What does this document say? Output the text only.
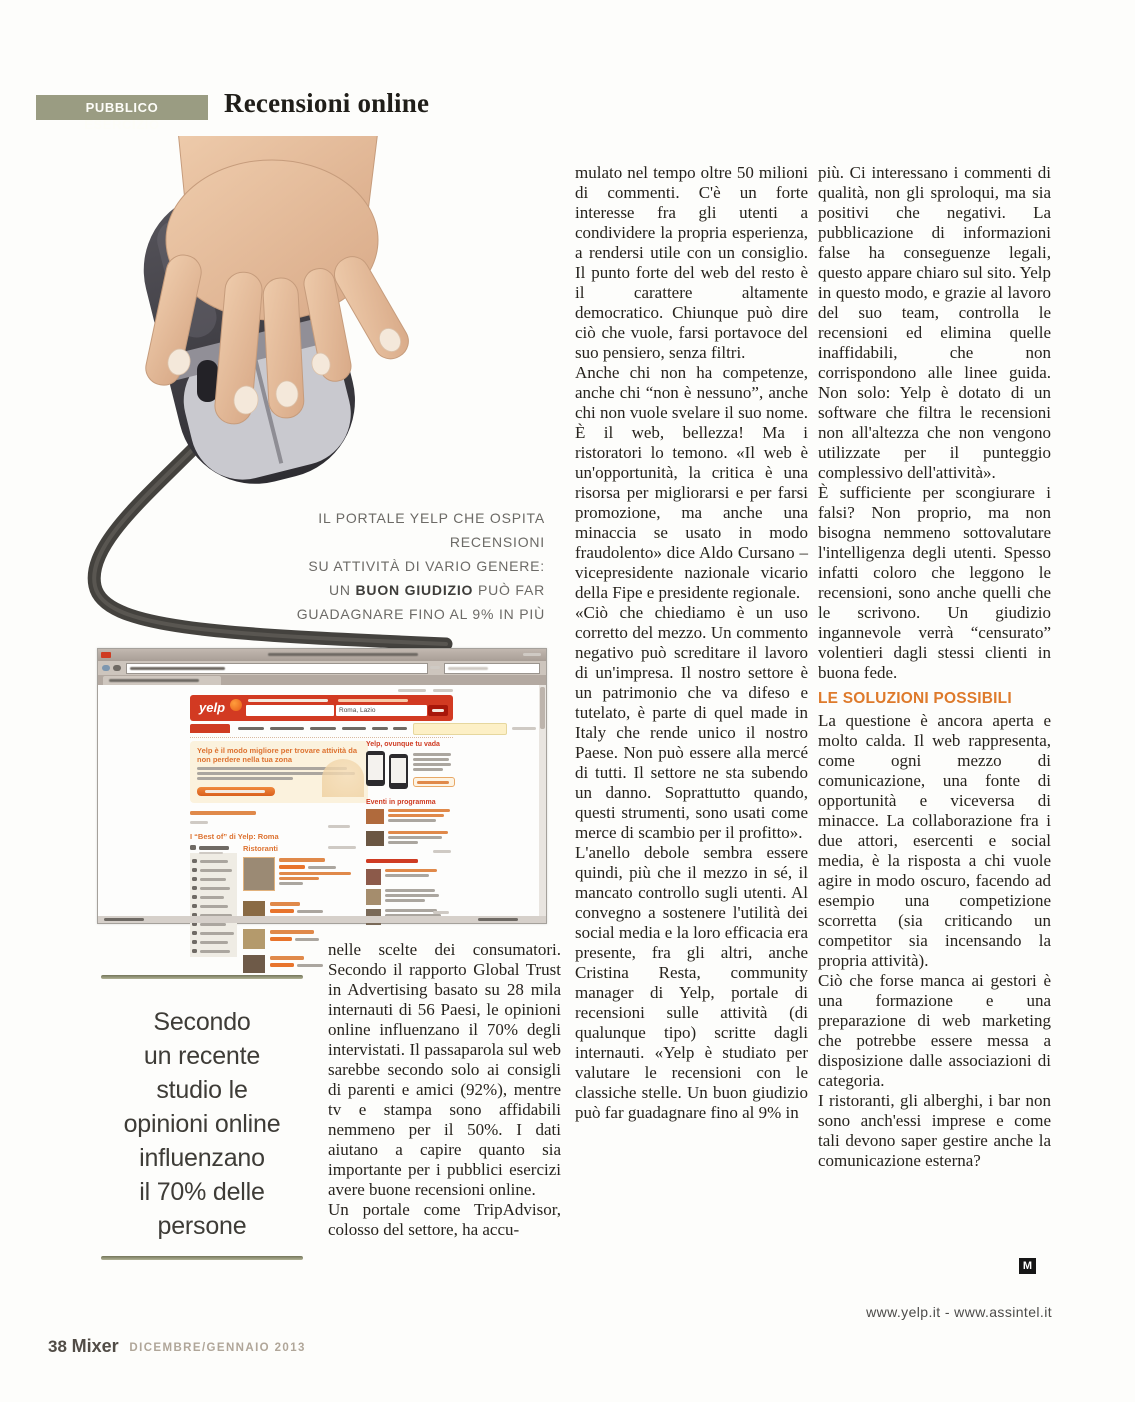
PUBBLICO ESERCIZIO
Recensioni online
IL PORTALE YELP CHE OSPITA RECENSIONI
SU ATTIVITÀ DI VARIO GENERE:
UN BUON GIUDIZIO PUÒ FAR
GUADAGNARE FINO AL 9% IN PIÙ
yelp	Roma, Lazio
Yelp è il modo migliore per trovare attività da non perdere nella tua zona
Yelp, ovunque tu vada
Eventi in programma
I “Best of” di Yelp: Roma
Ristoranti
Secondo
un recente
studio le
opinioni online
influenzano
il 70% delle
persone

nelle scelte dei consumatori. Secondo il rapporto Global Trust in Advertising basato su 28 mila internauti di 56 Paesi, le opinioni online influenzano il 70% degli intervistati. Il passaparola sul web sarebbe secondo solo ai consigli di parenti e amici (92%), mentre tv e stampa sono affidabili nemmeno per il 50%. I dati aiutano a capire quanto sia importante per i pubblici esercizi avere buone recensioni online.

Un portale come TripAdvisor, colosso del settore, ha accu-

mulato nel tempo oltre 50 milioni di commenti. C'è un forte interesse fra gli utenti a condividere la propria esperienza, a rendersi utile con un consiglio. Il punto forte del web del resto è il carattere altamente democratico. Chiunque può dire ciò che vuole, farsi portavoce del suo pensiero, senza filtri.

Anche chi non ha competenze, anche chi “non è nessuno”, anche chi non vuole svelare il suo nome. È il web, bellezza! Ma i ristoratori lo temono. «Il web è un'opportunità, la critica è una risorsa per migliorarsi e per farsi promozione, ma anche una minaccia se usato in modo fraudolento» dice Aldo Cursano – vicepresidente nazionale vicario della Fipe e presidente regionale.

«Ciò che chiediamo è un uso corretto del mezzo. Un commento negativo può screditare il lavoro di un'impresa. Il nostro settore è un patrimonio che va difeso e tutelato, è parte di quel made in Italy che rende unico il nostro Paese. Non può essere alla mercé di tutti. Il settore ne sta subendo un danno. Soprattutto quando, questi strumenti, sono usati come merce di scambio per il profitto».

L'anello debole sembra essere quindi, più che il mezzo in sé, il mancato controllo sugli utenti. Al convegno a sostenere l'utilità dei social media e la loro efficacia era presente, fra gli altri, anche Cristina Resta, community manager di Yelp, portale di recensioni sulle attività (di qualunque tipo) scritte dagli internauti. «Yelp è studiato per valutare le recensioni con le classiche stelle. Un buon giudizio può far guadagnare fino al 9% in

più. Ci interessano i commenti di qualità, non gli sproloqui, ma sia positivi che negativi. La pubblicazione di informazioni false ha conseguenze legali, questo appare chiaro sul sito. Yelp in questo modo, e grazie al lavoro del suo team, controlla le recensioni ed elimina quelle inaffidabili, che non corrispondono alle linee guida. Non solo: Yelp è dotato di un software che filtra le recensioni non all'altezza che non vengono utilizzate per il punteggio complessivo dell'attività».

È sufficiente per scongiurare i falsi? Non proprio, ma non bisogna nemmeno sottovalutare l'intelligenza degli utenti. Spesso infatti coloro che leggono le recensioni, sono anche quelli che le scrivono. Un giudizio ingannevole verrà “censurato” volentieri dagli stessi clienti in buona fede.

LE SOLUZIONI POSSIBILI

La questione è ancora aperta e molto calda. Il web rappresenta, come ogni mezzo di comunicazione, una fonte di opportunità e viceversa di minacce. La collaborazione fra i due attori, esercenti e social media, è la risposta a chi vuole agire in modo oscuro, facendo ad esempio una competizione scorretta (sia criticando un competitor sia incensando la propria attività).

Ciò che forse manca ai gestori è una formazione e una preparazione di web marketing che potrebbe essere messa a disposizione dalle associazioni di categoria.

I ristoranti, gli alberghi, i bar non sono anch'essi imprese e come tali devono saper gestire anche la comunicazione esterna?

M
www.yelp.it - www.assintel.it
38 Mixer DICEMBRE/GENNAIO 2013
